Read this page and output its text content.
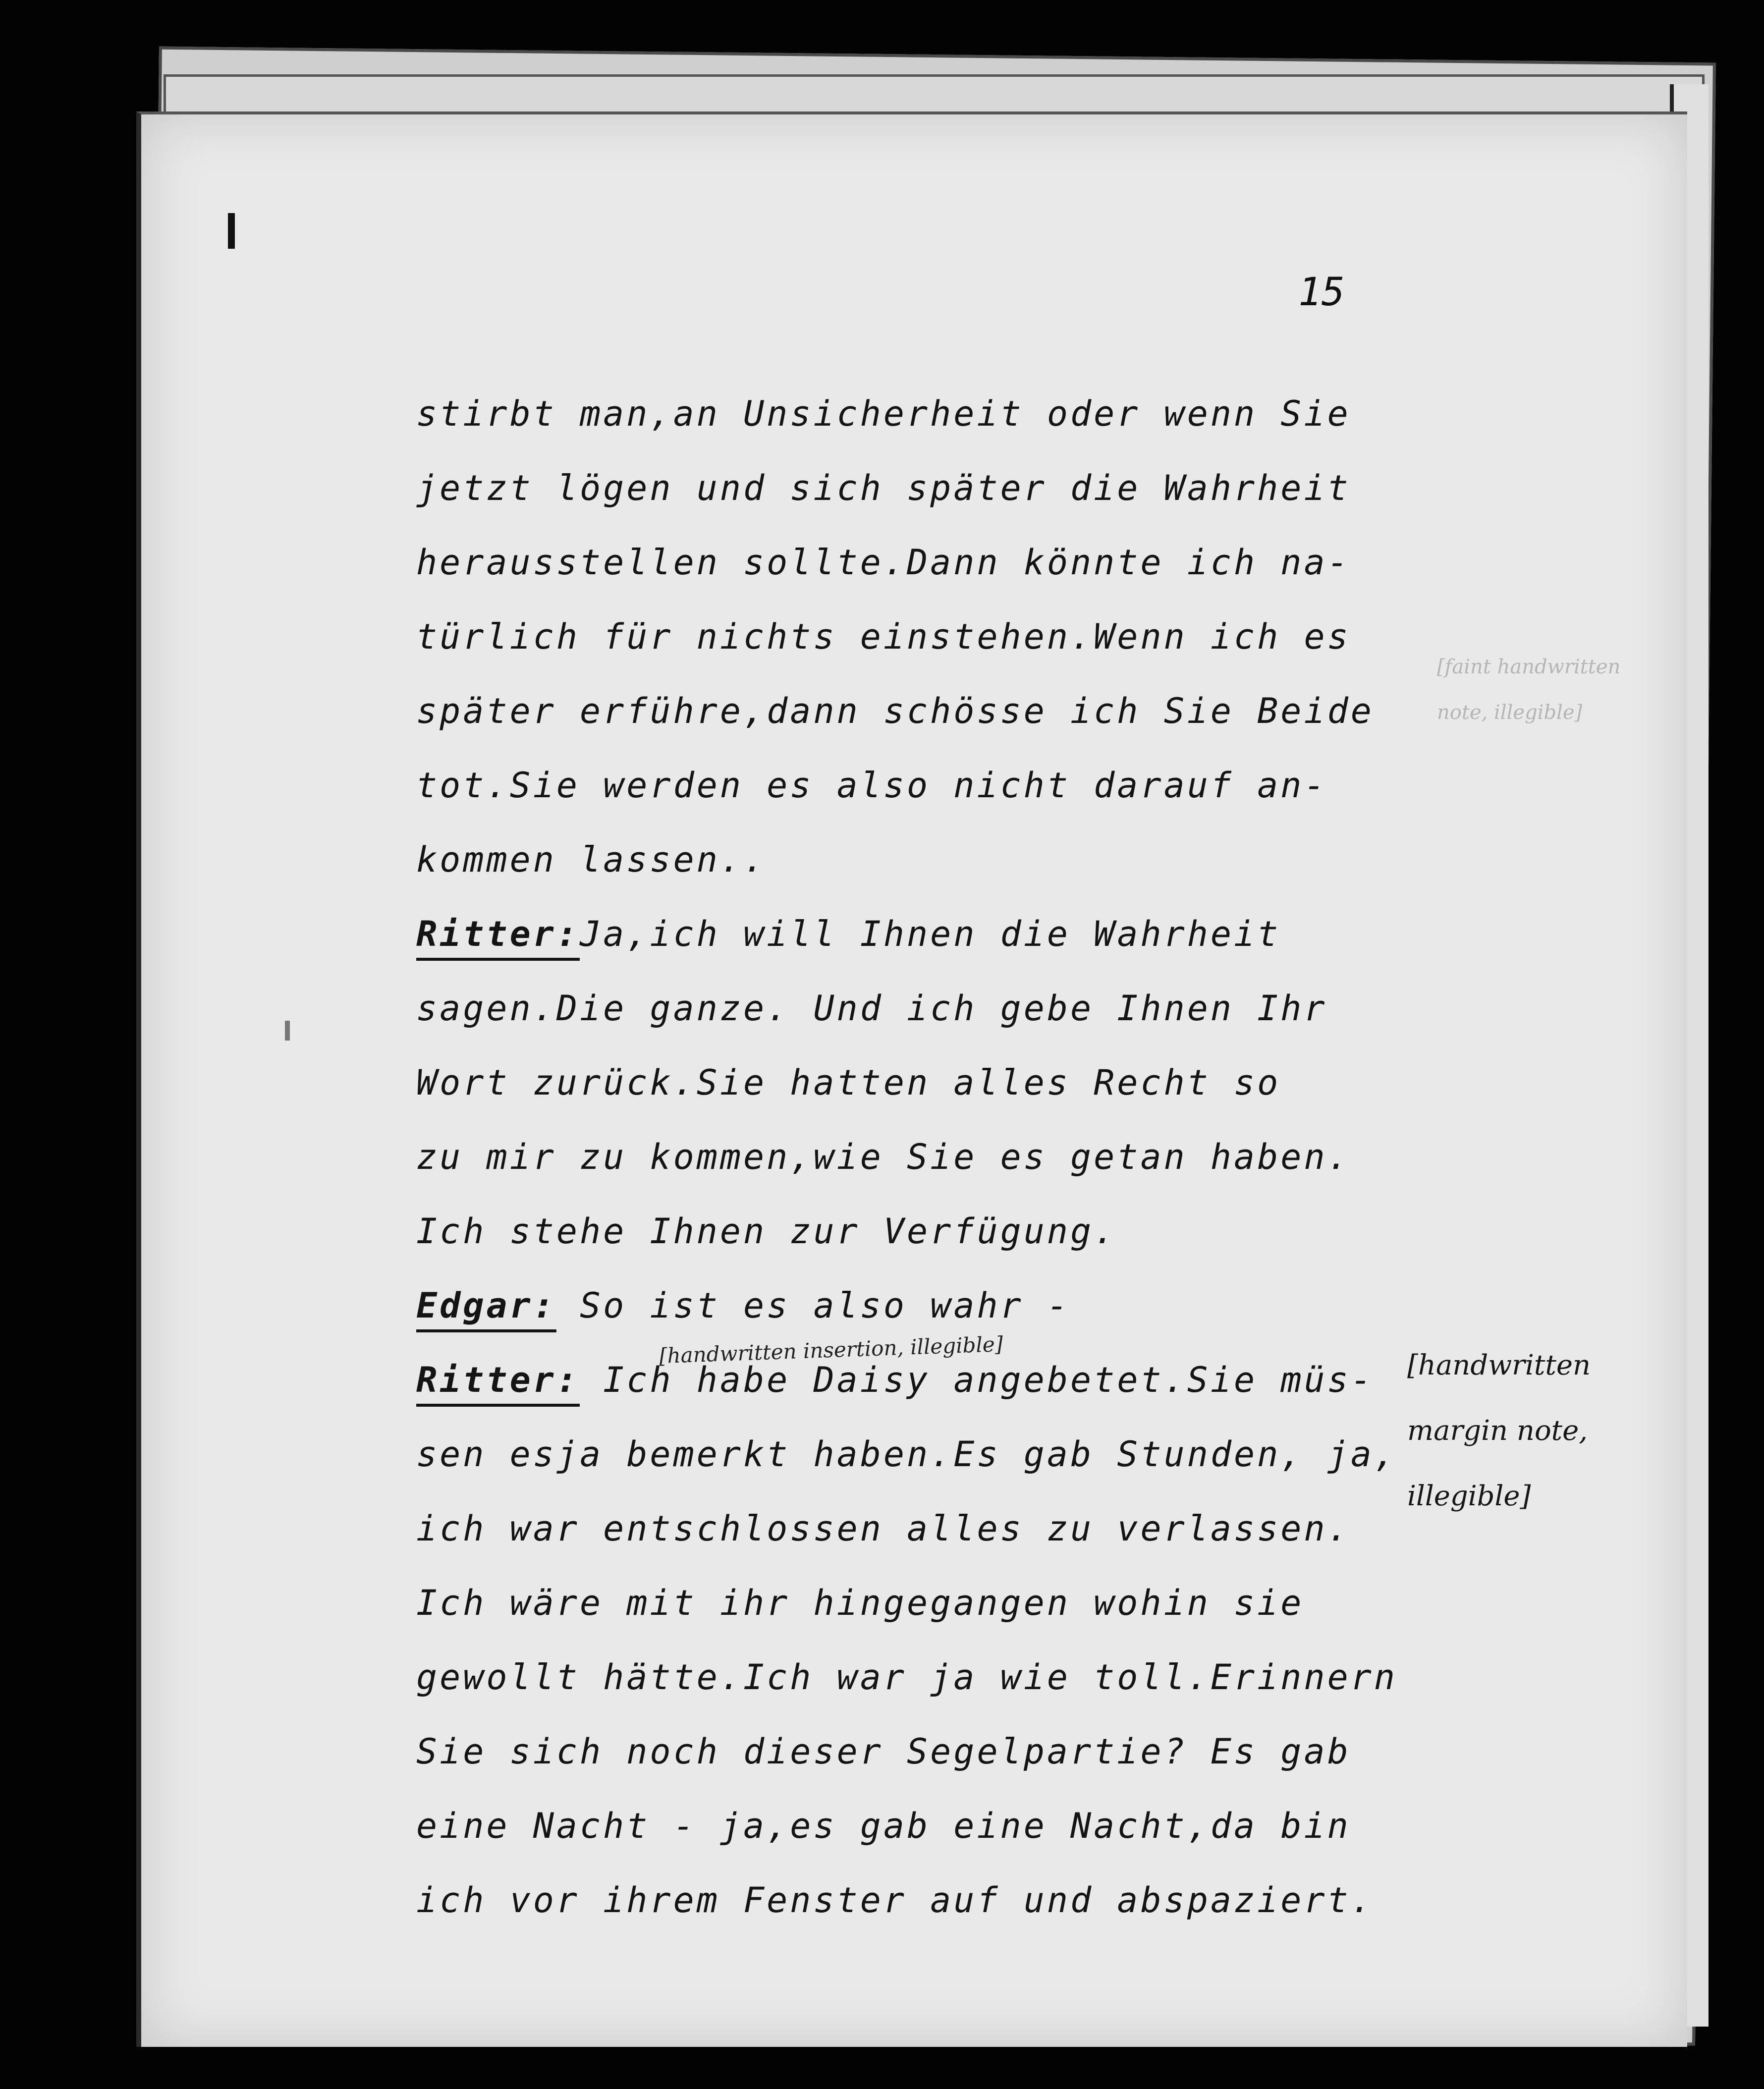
15
stirbt man,an Unsicherheit oder wenn Sie
jetzt lögen und sich später die Wahrheit
herausstellen sollte.Dann könnte ich na-
türlich für nichts einstehen.Wenn ich es
später erführe,dann schösse ich Sie Beide
tot.Sie werden es also nicht darauf an-
kommen lassen..
Ritter:Ja,ich will Ihnen die Wahrheit
sagen.Die ganze. Und ich gebe Ihnen Ihr
Wort zurück.Sie hatten alles Recht so
zu mir zu kommen,wie Sie es getan haben.
Ich stehe Ihnen zur Verfügung.
Edgar: So ist es also wahr -
Ritter: Ich habe Daisy angebetet.Sie müs-
sen esja bemerkt haben.Es gab Stunden, ja,
ich war entschlossen alles zu verlassen.
Ich wäre mit ihr hingegangen wohin sie
gewollt hätte.Ich war ja wie toll.Erinnern
Sie sich noch dieser Segelpartie? Es gab
eine Nacht - ja,es gab eine Nacht,da bin
ich vor ihrem Fenster auf und abspaziert.
[handwritten insertion, illegible]
[faint handwritten note, illegible]
[handwritten margin note, illegible]
